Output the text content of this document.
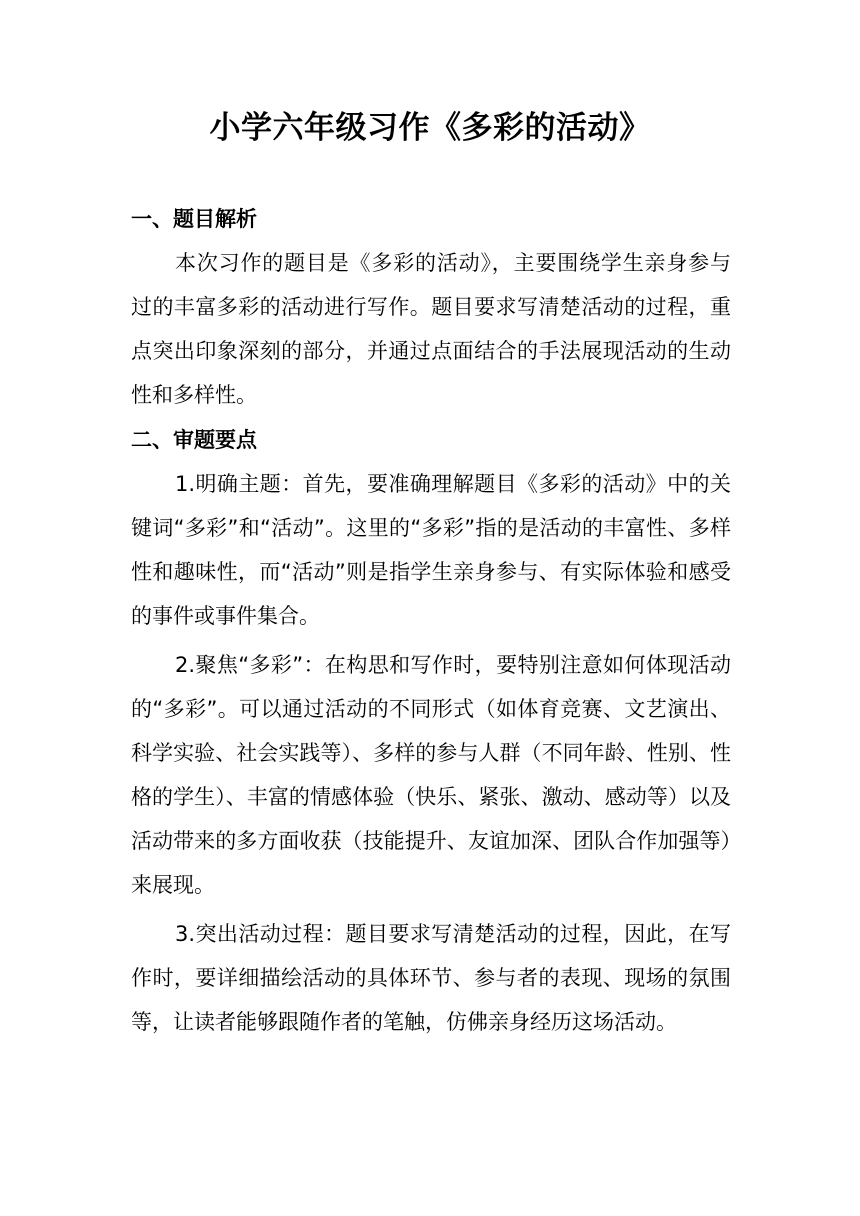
小学六年级习作《多彩的活动》
一、题目解析

本次习作的题目是《多彩的活动》，主要围绕学生亲身参与过的丰富多彩的活动进行写作。题目要求写清楚活动的过程，重点突出印象深刻的部分，并通过点面结合的手法展现活动的生动性和多样性。

二、审题要点

1.明确主题：首先，要准确理解题目《多彩的活动》中的关键词“多彩”和“活动”。这里的“多彩”指的是活动的丰富性、多样性和趣味性，而“活动”则是指学生亲身参与、有实际体验和感受的事件或事件集合。

2.聚焦“多彩”：在构思和写作时，要特别注意如何体现活动的“多彩”。可以通过活动的不同形式（如体育竞赛、文艺演出、科学实验、社会实践等）、多样的参与人群（不同年龄、性别、性格的学生）、丰富的情感体验（快乐、紧张、激动、感动等）以及活动带来的多方面收获（技能提升、友谊加深、团队合作加强等）来展现。

3.突出活动过程：题目要求写清楚活动的过程，因此，在写作时，要详细描绘活动的具体环节、参与者的表现、现场的氛围等，让读者能够跟随作者的笔触，仿佛亲身经历这场活动。
